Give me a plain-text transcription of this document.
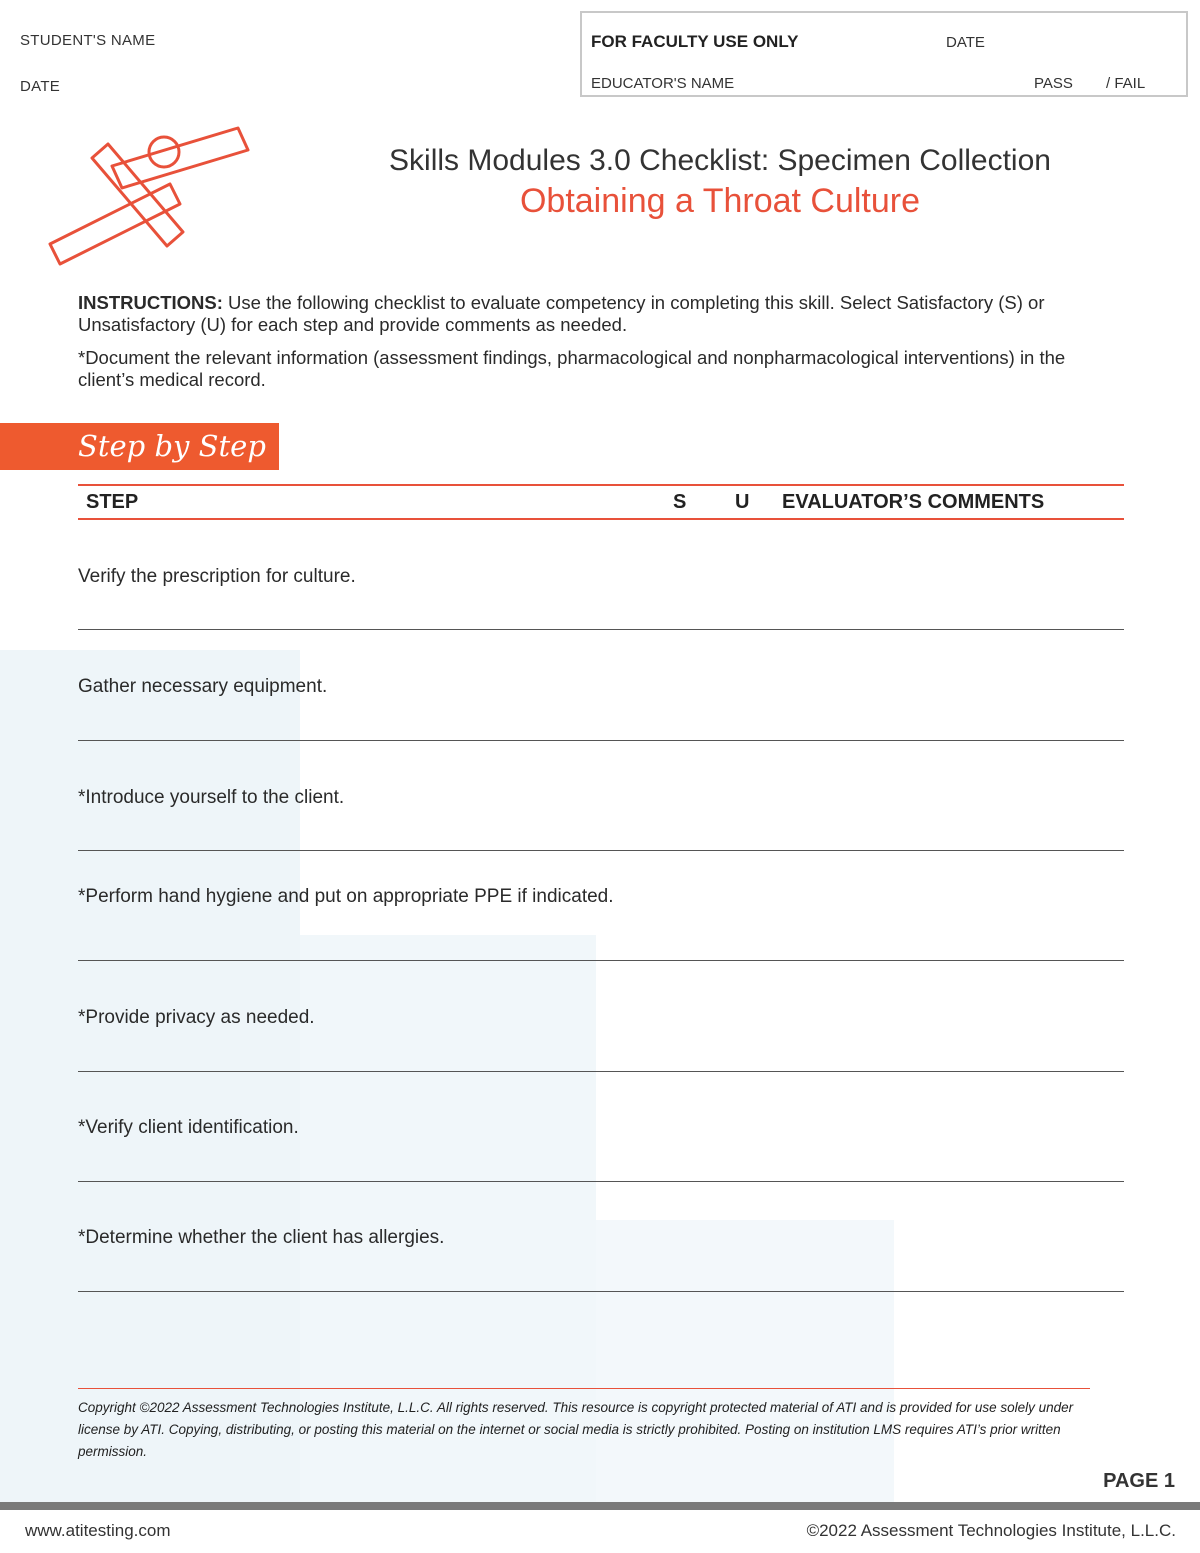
STUDENT'S NAME
DATE
FOR FACULTY USE ONLY	DATE
EDUCATOR'S NAME	PASS / FAIL
Skills Modules 3.0 Checklist: Specimen Collection
Obtaining a Throat Culture
INSTRUCTIONS: Use the following checklist to evaluate competency in completing this skill. Select Satisfactory (S) or Unsatisfactory (U) for each step and provide comments as needed.
*Document the relevant information (assessment findings, pharmacological and nonpharmacological interventions) in the client’s medical record.
Step by Step
STEP	S U EVALUATOR’S COMMENTS
Verify the prescription for culture.
Gather necessary equipment.
*Introduce yourself to the client.
*Perform hand hygiene and put on appropriate PPE if indicated.
*Provide privacy as needed.
*Verify client identification.
*Determine whether the client has allergies.
Copyright ©2022 Assessment Technologies Institute, L.L.C. All rights reserved. This resource is copyright protected material of ATI and is provided for use solely under license by ATI. Copying, distributing, or posting this material on the internet or social media is strictly prohibited. Posting on institution LMS requires ATI’s prior written permission.
PAGE 1
www.atitesting.com	©2022 Assessment Technologies Institute, L.L.C.
